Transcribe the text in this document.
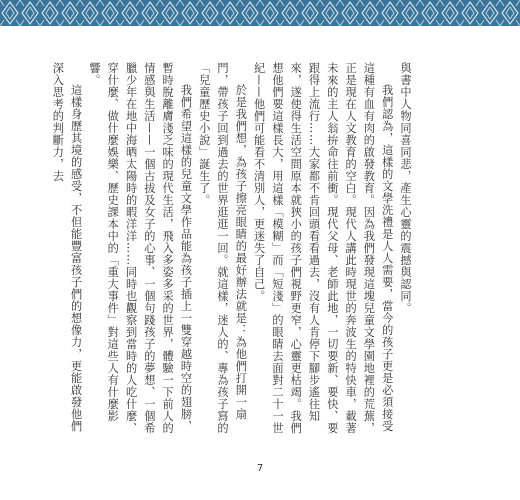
與書中人物同喜同悲，產生心靈的震撼與認同。

我們認為，這樣的文學洗禮是人人需要，當今的孩子更是必須接受這種有血有肉的啟發教育。因為我們發現這塊兒童文學園地裡的荒蕪，正是現在人文教育的空白。現代人講此時現世的奔波生的特快車，載著未來的主人翁拚命往前衝。現代父母、老師此地，一切要新、要快、要跟得上流行……大家都不肯回頭看看過去，沒有人肯停下腳步遙往知來，遂使得生活空間原本就狹小的孩子們視野更窄，心靈更枯竭。我們想他們要這樣長大，用這樣「模糊」而「短淺」的眼睛去面對二十一世紀——他們可能看不清別人，更迷失了自己。

於是我們想，為孩子擦亮眼睛的最好辦法就是：為他們打開一扇門，帶孩子回到過去的世界逛逛一回。就這樣，迷人的、專為孩子寫的「兒童歷史小說」誕生了。

我們希望這樣的兒童文學作品能為孩子插上一雙穿越時空的翅膀，暫時脫離膚淺乏味的現代生活，飛入多姿多采的世界，體驗一下前人的情感與生活——一個古拔及女子的心事、一個句踐孩子的夢想、一個希臘少年在地中海晒太陽時的暇洋洋……同時也觀察到當時的人吃什麼、穿什麼、做什麼娛樂、歷史課本中的「重大事件」對這些人有什麼影響。

這樣身歷其境的感受，不但能豐富孩子們的想像力，更能啟發他們深入思考的判斷力，去

7
